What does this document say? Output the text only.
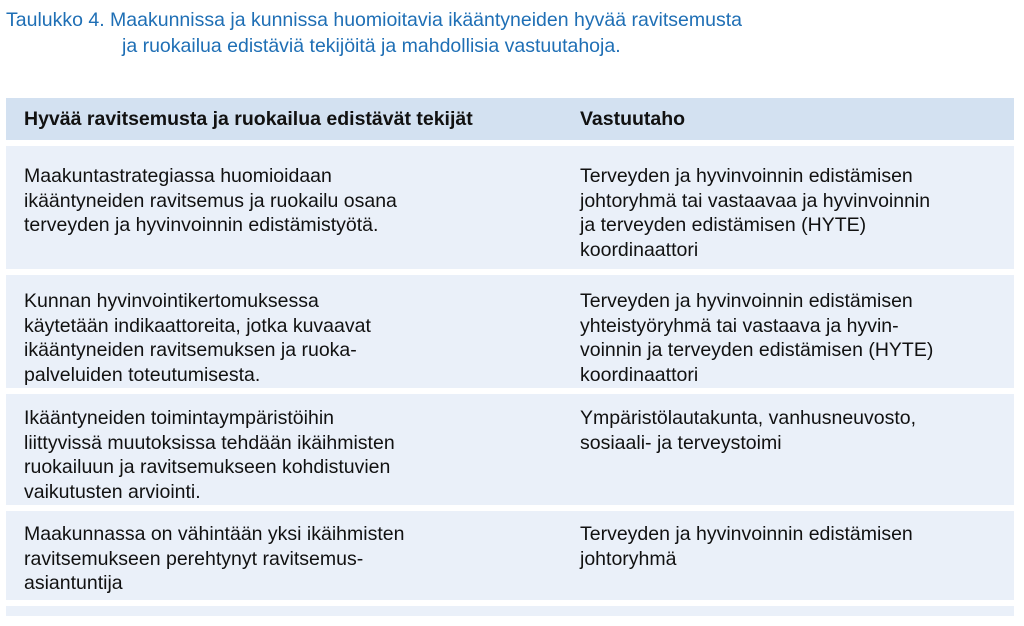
Taulukko 4. Maakunnissa ja kunnissa huomioitavia ikääntyneiden hyvää ravitsemusta
ja ruokailua edistäviä tekijöitä ja mahdollisia vastuutahoja.
Hyvää ravitsemusta ja ruokailua edistävät tekijät	Vastuutaho
Maakuntastrategiassa huomioidaan
ikääntyneiden ravitsemus ja ruokailu osana
terveyden ja hyvinvoinnin edistämistyötä.
Terveyden ja hyvinvoinnin edistämisen
johtoryhmä tai vastaavaa ja hyvinvoinnin
ja terveyden edistämisen (HYTE)
koordinaattori
Kunnan hyvinvointikertomuksessa
käytetään indikaattoreita, jotka kuvaavat
ikääntyneiden ravitsemuksen ja ruoka-
palveluiden toteutumisesta.
Terveyden ja hyvinvoinnin edistämisen
yhteistyöryhmä tai vastaava ja hyvin-
voinnin ja terveyden edistämisen (HYTE)
koordinaattori
Ikääntyneiden toimintaympäristöihin
liittyvissä muutoksissa tehdään ikäihmisten
ruokailuun ja ravitsemukseen kohdistuvien
vaikutusten arviointi.
Ympäristölautakunta, vanhusneuvosto,
sosiaali- ja terveystoimi
Maakunnassa on vähintään yksi ikäihmisten
ravitsemukseen perehtynyt ravitsemus-
asiantuntija
Terveyden ja hyvinvoinnin edistämisen
johtoryhmä
